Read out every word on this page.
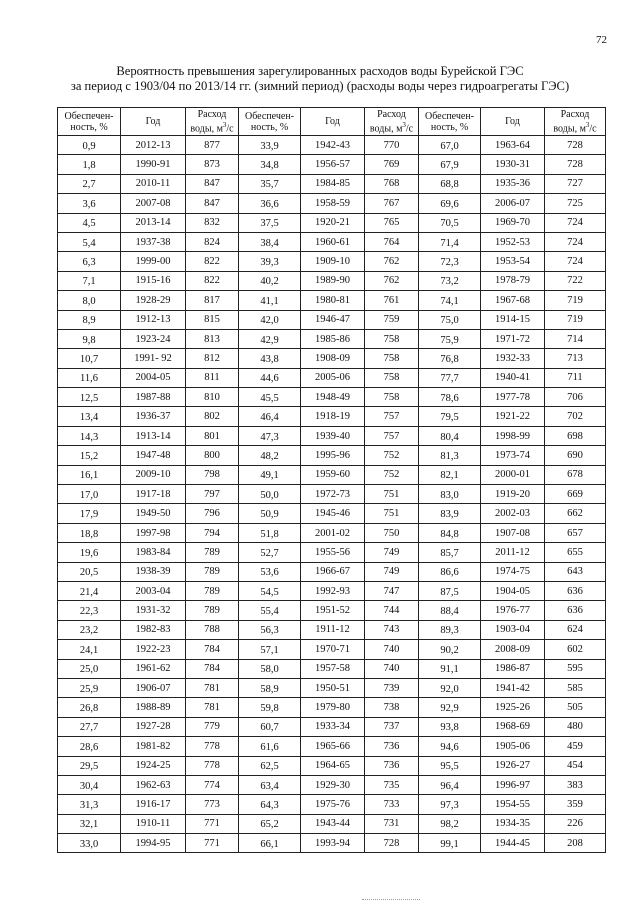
72
Вероятность превышения зарегулированных расходов воды Бурейской ГЭС
за период с 1903/04 по 2013/14 гг. (зимний период) (расходы воды через гидроагрегаты ГЭС)
Обеспечен-
ность, %	Год	Расход
воды, $м^3/с$	Обеспечен-
ность, %	Год	Расход
воды, $м^3/с$	Обеспечен-
ность, %	Год	Расход
воды, $м^3/с$
0,9	2012-13	877	33,9	1942-43	770	67,0	1963-64	728
1,8	1990-91	873	34,8	1956-57	769	67,9	1930-31	728
2,7	2010-11	847	35,7	1984-85	768	68,8	1935-36	727
3,6	2007-08	847	36,6	1958-59	767	69,6	2006-07	725
4,5	2013-14	832	37,5	1920-21	765	70,5	1969-70	724
5,4	1937-38	824	38,4	1960-61	764	71,4	1952-53	724
6,3	1999-00	822	39,3	1909-10	762	72,3	1953-54	724
7,1	1915-16	822	40,2	1989-90	762	73,2	1978-79	722
8,0	1928-29	817	41,1	1980-81	761	74,1	1967-68	719
8,9	1912-13	815	42,0	1946-47	759	75,0	1914-15	719
9,8	1923-24	813	42,9	1985-86	758	75,9	1971-72	714
10,7	1991- 92	812	43,8	1908-09	758	76,8	1932-33	713
11,6	2004-05	811	44,6	2005-06	758	77,7	1940-41	711
12,5	1987-88	810	45,5	1948-49	758	78,6	1977-78	706
13,4	1936-37	802	46,4	1918-19	757	79,5	1921-22	702
14,3	1913-14	801	47,3	1939-40	757	80,4	1998-99	698
15,2	1947-48	800	48,2	1995-96	752	81,3	1973-74	690
16,1	2009-10	798	49,1	1959-60	752	82,1	2000-01	678
17,0	1917-18	797	50,0	1972-73	751	83,0	1919-20	669
17,9	1949-50	796	50,9	1945-46	751	83,9	2002-03	662
18,8	1997-98	794	51,8	2001-02	750	84,8	1907-08	657
19,6	1983-84	789	52,7	1955-56	749	85,7	2011-12	655
20,5	1938-39	789	53,6	1966-67	749	86,6	1974-75	643
21,4	2003-04	789	54,5	1992-93	747	87,5	1904-05	636
22,3	1931-32	789	55,4	1951-52	744	88,4	1976-77	636
23,2	1982-83	788	56,3	1911-12	743	89,3	1903-04	624
24,1	1922-23	784	57,1	1970-71	740	90,2	2008-09	602
25,0	1961-62	784	58,0	1957-58	740	91,1	1986-87	595
25,9	1906-07	781	58,9	1950-51	739	92,0	1941-42	585
26,8	1988-89	781	59,8	1979-80	738	92,9	1925-26	505
27,7	1927-28	779	60,7	1933-34	737	93,8	1968-69	480
28,6	1981-82	778	61,6	1965-66	736	94,6	1905-06	459
29,5	1924-25	778	62,5	1964-65	736	95,5	1926-27	454
30,4	1962-63	774	63,4	1929-30	735	96,4	1996-97	383
31,3	1916-17	773	64,3	1975-76	733	97,3	1954-55	359
32,1	1910-11	771	65,2	1943-44	731	98,2	1934-35	226
33,0	1994-95	771	66,1	1993-94	728	99,1	1944-45	208
